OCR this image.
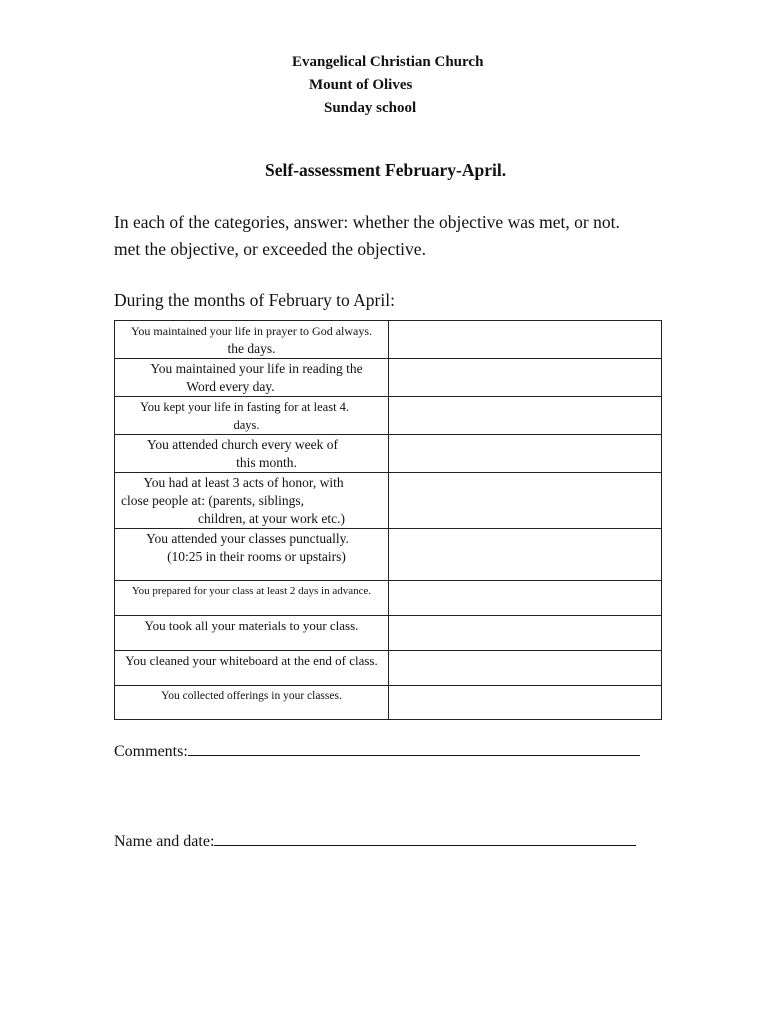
Evangelical Christian Church
Mount of Olives
Sunday school
Self-assessment February-April.
In each of the categories, answer: whether the objective was met, or not.
met the objective, or exceeded the objective.
During the months of February to April:
You maintained your life in prayer to God always.
the days.	

You maintained your life in reading the
Word every day.	

You kept your life in fasting for at least 4.
days.	

You attended church every week of
this month.	

You had at least 3 acts of honor, with
close people at: (parents, siblings,
children, at your work etc.)	

You attended your classes punctually.
(10:25 in their rooms or upstairs)	

You prepared for your class at least 2 days in advance.	

You took all your materials to your class.	

You cleaned your whiteboard at the end of class.	

You collected offerings in your classes.	

Comments:
Name and date:
